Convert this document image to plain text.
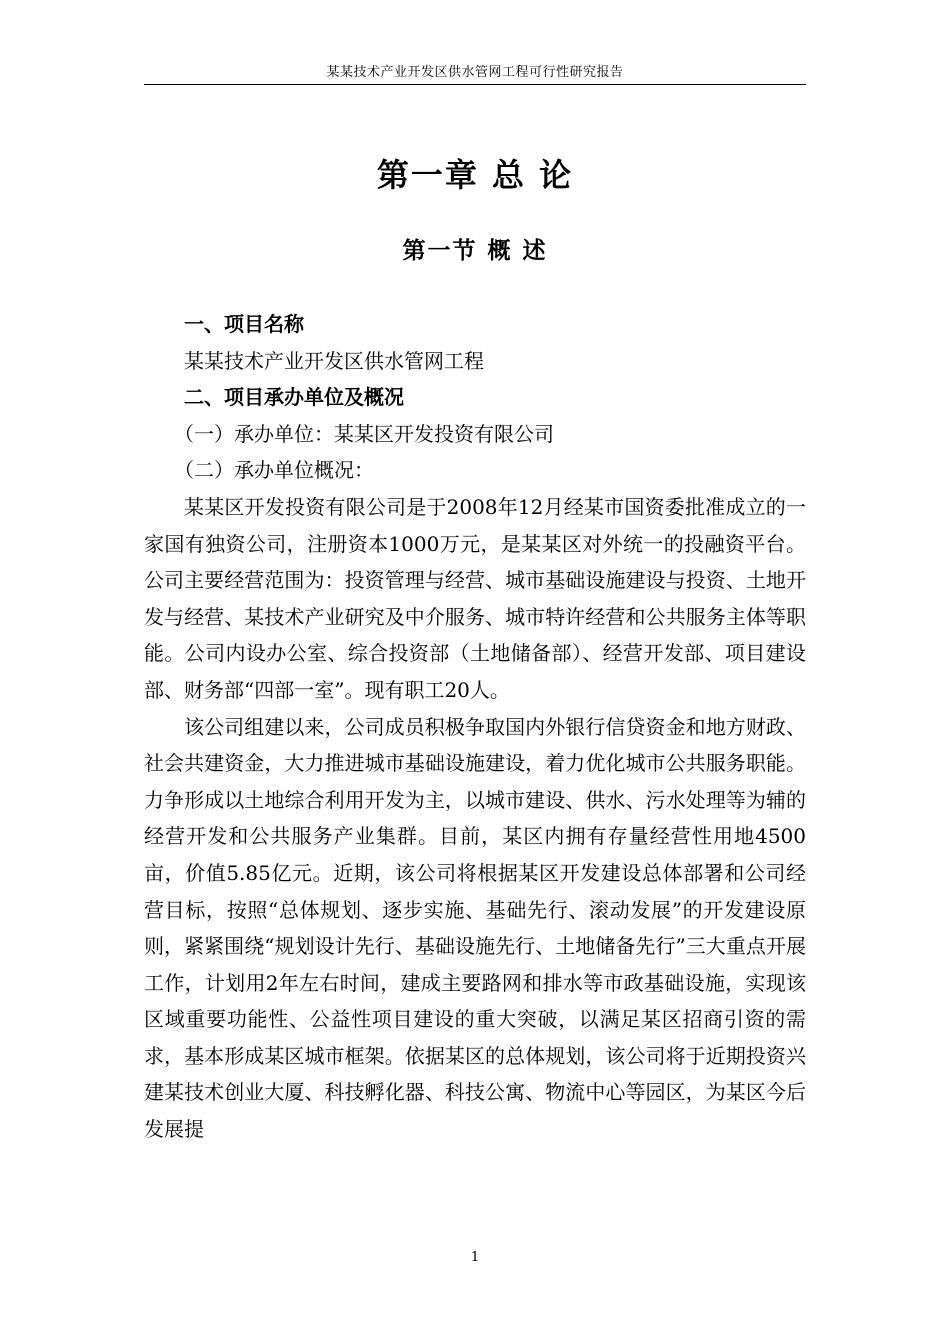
某某技术产业开发区供水管网工程可行性研究报告
第一章 总 论
第一节 概 述

一、项目名称

某某技术产业开发区供水管网工程

二、项目承办单位及概况

（一）承办单位：某某区开发投资有限公司

（二）承办单位概况：

某某区开发投资有限公司是于2008年12月经某市国资委批准成立的一家国有独资公司，注册资本1000万元，是某某区对外统一的投融资平台。公司主要经营范围为：投资管理与经营、城市基础设施建设与投资、土地开发与经营、某技术产业研究及中介服务、城市特许经营和公共服务主体等职能。公司内设办公室、综合投资部（土地储备部）、经营开发部、项目建设部、财务部“四部一室”。现有职工20人。

该公司组建以来，公司成员积极争取国内外银行信贷资金和地方财政、社会共建资金，大力推进城市基础设施建设，着力优化城市公共服务职能。力争形成以土地综合利用开发为主，以城市建设、供水、污水处理等为辅的经营开发和公共服务产业集群。目前，某区内拥有存量经营性用地4500亩，价值5.85亿元。近期，该公司将根据某区开发建设总体部署和公司经营目标，按照“总体规划、逐步实施、基础先行、滚动发展”的开发建设原则，紧紧围绕“规划设计先行、基础设施先行、土地储备先行”三大重点开展工作，计划用2年左右时间，建成主要路网和排水等市政基础设施，实现该区域重要功能性、公益性项目建设的重大突破，以满足某区招商引资的需求，基本形成某区城市框架。依据某区的总体规划，该公司将于近期投资兴建某技术创业大厦、科技孵化器、科技公寓、物流中心等园区，为某区今后发展提

1
